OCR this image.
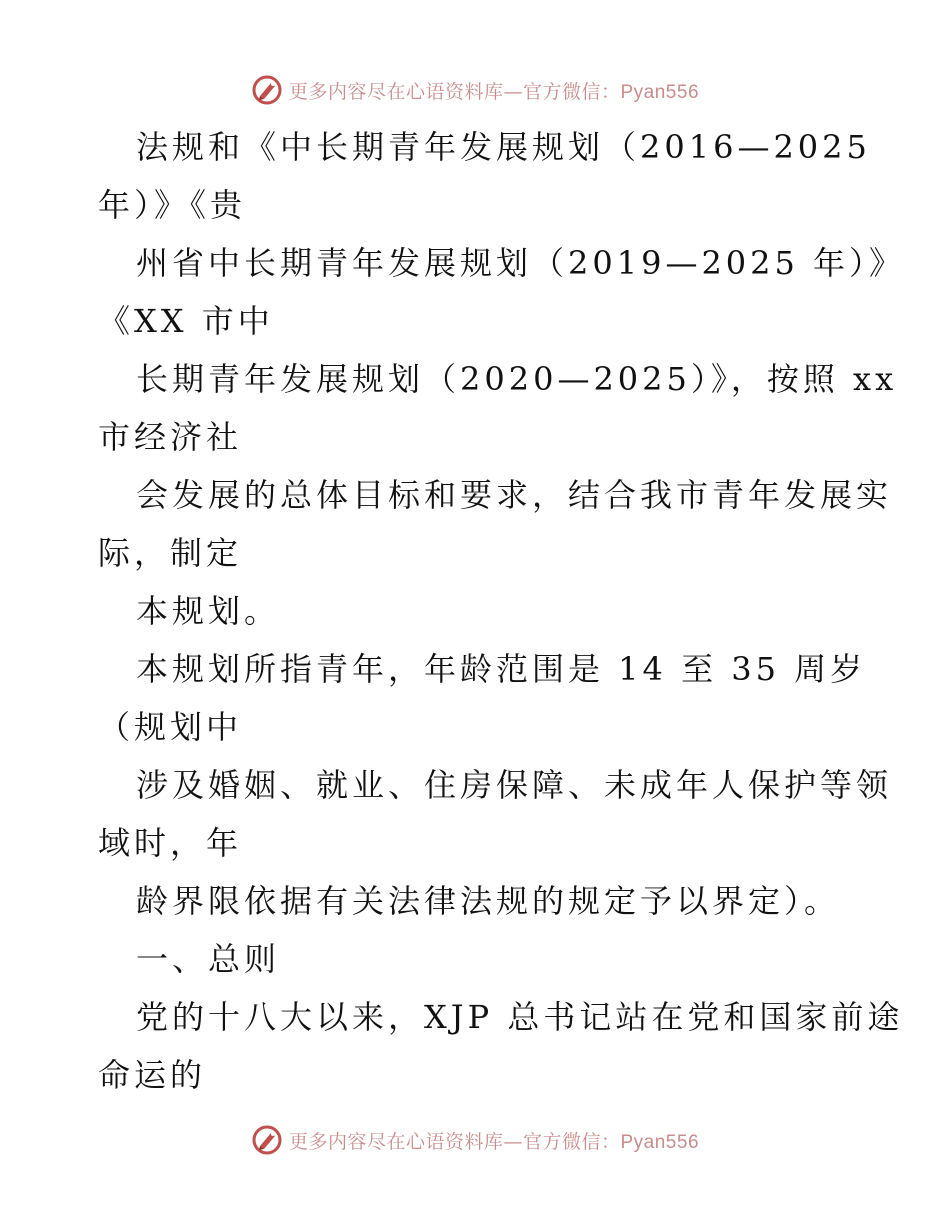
更多内容尽在心语资料库—官方微信：Pyan556
法规和《中长期青年发展规划（2016—2025
年）》《贵
州省中长期青年发展规划（2019—2025 年）》
《XX 市中
长期青年发展规划（2020—2025）》，按照 xx
市经济社
会发展的总体目标和要求，结合我市青年发展实
际，制定
本规划。
本规划所指青年，年龄范围是 14 至 35 周岁
（规划中
涉及婚姻、就业、住房保障、未成年人保护等领
域时，年
龄界限依据有关法律法规的规定予以界定）。
一、总则
党的十八大以来，XJP 总书记站在党和国家前途
命运的
更多内容尽在心语资料库—官方微信：Pyan556
